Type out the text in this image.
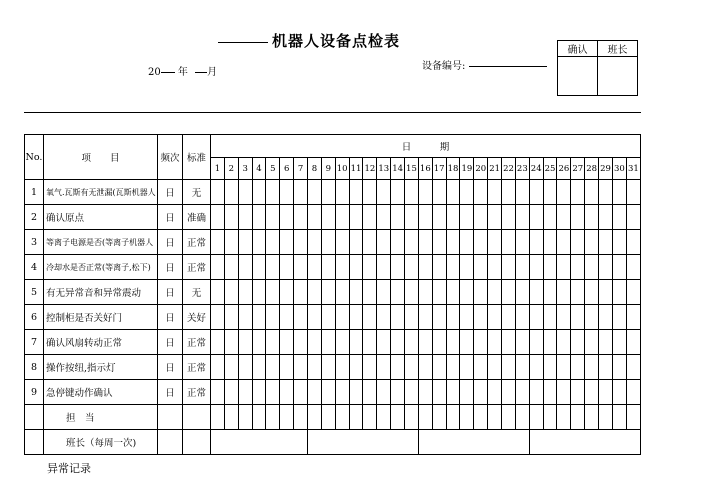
机器人设备点检表
20 年 月
设备编号:
确认	班长

No.	项　　目	频次	标准	日　　　期																														
				1	2	3	4	5	6	7	8	9	10	11	12	13	14	15	16	17	18	19	20	21	22	23	24	25	26	27	28	29	30	31
1	氧气.瓦斯有无泄漏(瓦斯机器人	日	无																															
2	确认原点	日	准确																															
3	等离子电源是否(等离子机器人	日	正常																															
4	冷却水是否正常(等离子,松下)	日	正常																															
5	有无异常音和异常震动	日	无																															
6	控制柜是否关好门	日	关好																															
7	确认风扇转动正常	日	正常																															
8	操作按纽,指示灯	日	正常																															
9	急停键动作确认	日	正常																															
	担　当																																	
	班长（每周一次)																																	
异常记录
